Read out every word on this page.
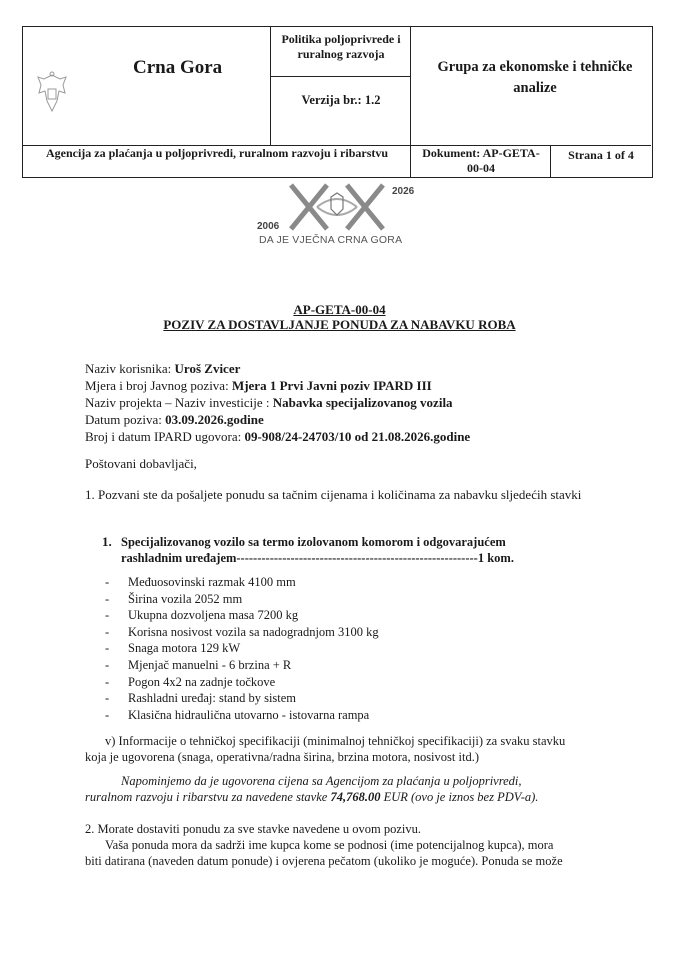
Crna Gora
Politika poljoprivrede i ruralnog razvoja
Verzija br.: 1.2
Grupa za ekonomske i tehničke analize
Agencija za plaćanja u poljoprivredi, ruralnom razvoju i ribarstvu	Dokument: AP-GETA-00-04
Strana 1 of 4
2006
2026
DA JE VJEČNA CRNA GORA
AP-GETA-00-04
POZIV ZA DOSTAVLJANJE PONUDA ZA NABAVKU ROBA
Naziv korisnika: Uroš Zvicer
Mjera i broj Javnog poziva: Mjera 1 Prvi Javni poziv IPARD III
Naziv projekta – Naziv investicije : Nabavka specijalizovanog vozila
Datum poziva: 03.09.2026.godine
Broj i datum IPARD ugovora: 09-908/24-24703/10 od 21.08.2026.godine
Poštovani dobavljači,
1. Pozvani ste da pošaljete ponudu sa tačnim cijenama i količinama za nabavku sljedećih stavki
1. Specijalizovanog vozilo sa termo izolovanom komorom i odgovarajućem
rashladnim uređajem----------------------------------------------------------1 kom.
- Međuosovinski razmak 4100 mm
- Širina vozila 2052 mm
- Ukupna dozvoljena masa 7200 kg
- Korisna nosivost vozila sa nadogradnjom 3100 kg
- Snaga motora 129 kW
- Mjenjač manuelni - 6 brzina + R
- Pogon 4x2 na zadnje točkove
- Rashladni uređaj: stand by sistem
- Klasična hidraulična utovarno - istovarna rampa
v) Informacije o tehničkoj specifikaciji (minimalnoj tehničkoj specifikaciji) za svaku stavku
koja je ugovorena (snaga, operativna/radna širina, brzina motora, nosivost itd.)
Napominjemo da je ugovorena cijena sa Agencijom za plaćanja u poljoprivredi,
ruralnom razvoju i ribarstvu za navedene stavke 74,768.00 EUR (ovo je iznos bez PDV-a).
2. Morate dostaviti ponudu za sve stavke navedene u ovom pozivu.
Vaša ponuda mora da sadrži ime kupca kome se podnosi (ime potencijalnog kupca), mora
biti datirana (naveden datum ponude) i ovjerena pečatom (ukoliko je moguće). Ponuda se može
